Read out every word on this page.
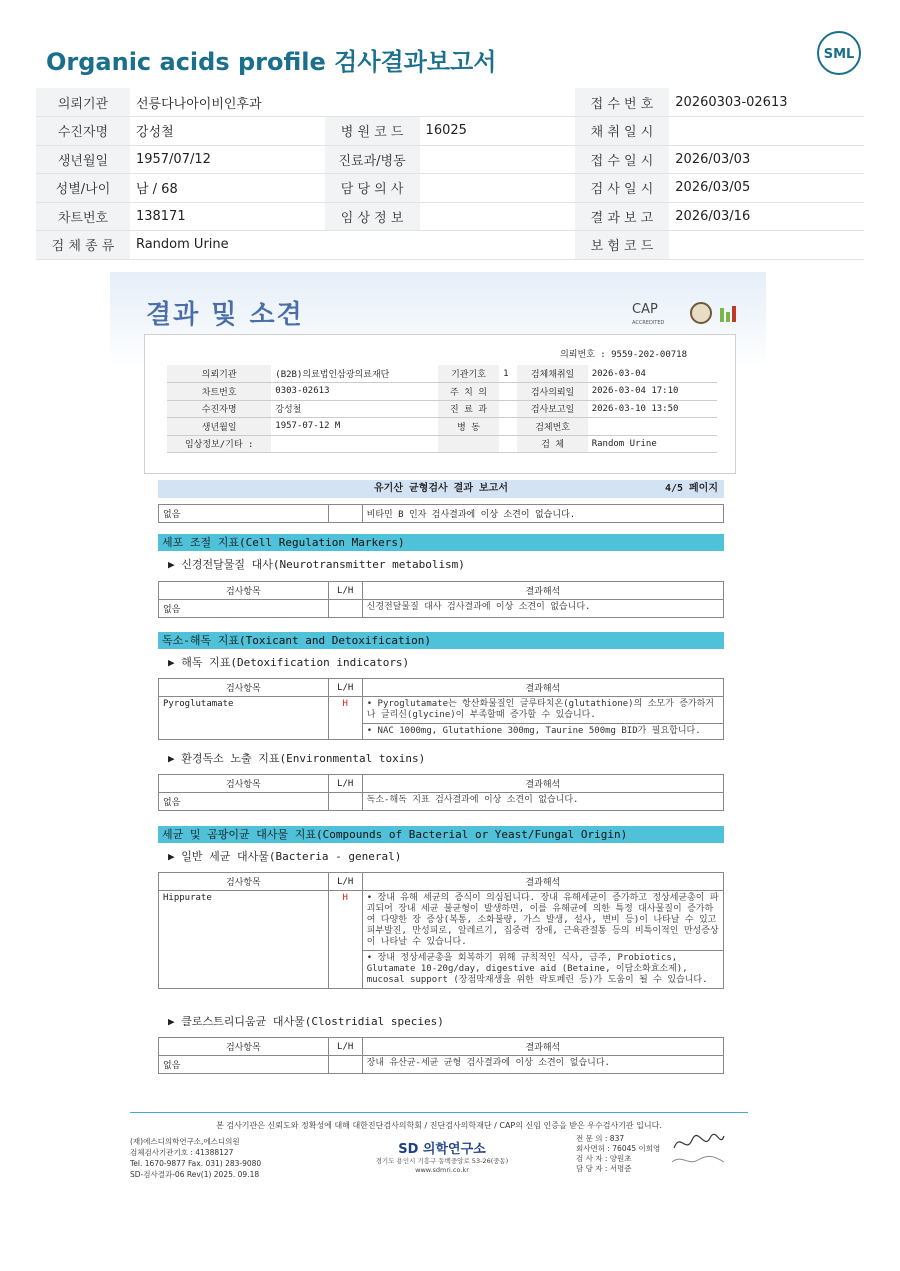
Organic acids profile 검사결과보고서	SML
의뢰기관	선릉다나아이비인후과			접 수 번 호	20260303-02613
수진자명	강성철	병 원 코 드	16025	채 취 일 시	
생년월일	1957/07/12	진료과/병동		접 수 일 시	2026/03/03
성별/나이	남 / 68	담 당 의 사		검 사 일 시	2026/03/05
차트번호	138171	임 상 정 보		결 과 보 고	2026/03/16
검 체 종 류	Random Urine			보 험 코 드	
결과 및 소견	CAP
ACCREDITED
의뢰번호 : 9559-202-00718
의뢰기관	(B2B)의료법인삼광의료재단	기관기호	1	검체채취일	2026-03-04
차트번호	0303-02613	주 치 의		검사의뢰일	2026-03-04 17:10
수진자명	강성철	진 료 과		검사보고일	2026-03-10 13:50
생년월일	1957-07-12 M	병 동		검체번호	
임상정보/기타 :				검 체	Random Urine
유기산 균형검사 결과 보고서	4/5 페이지
없음		비타민 B 인자 검사결과에 이상 소견이 없습니다.
세포 조절 지표(Cell Regulation Markers)
▶ 신경전달물질 대사(Neurotransmitter metabolism)
검사항목	L/H	결과해석
없음		신경전달물질 대사 검사결과에 이상 소견이 없습니다.
독소-해독 지표(Toxicant and Detoxification)
▶ 해독 지표(Detoxification indicators)
검사항목	L/H	결과해석
Pyroglutamate	H	• Pyroglutamate는 항산화물질인 글루타치온(glutathione)의 소모가 증가하거나 글리신(glycine)이 부족할때 증가할 수 있습니다.
		• NAC 1000mg, Glutathione 300mg, Taurine 500mg BID가 필요합니다.
▶ 환경독소 노출 지표(Environmental toxins)
검사항목	L/H	결과해석
없음		독소-해독 지표 검사결과에 이상 소견이 없습니다.
세균 및 곰팡이균 대사물 지표(Compounds of Bacterial or Yeast/Fungal Origin)
▶ 일반 세균 대사물(Bacteria - general)
검사항목	L/H	결과해석
Hippurate	H	• 장내 유해 세균의 증식이 의심됩니다. 장내 유해세균이 증가하고 정상세균총이 파괴되어 장내 세균 불균형이 발생하면, 이를 유해균에 의한 특정 대사물질이 증가하여 다양한 장 증상(복통, 소화불량, 가스 발생, 설사, 변비 등)이 나타날 수 있고 피부발진, 만성피로, 알레르기, 집중력 장애, 근육관절통 등의 비특이적인 만성증상이 나타날 수 있습니다.
		• 장내 정상세균총을 회복하기 위해 규칙적인 식사, 금주, Probiotics, Glutamate 10-20g/day, digestive aid (Betaine, 이담소화효소제), mucosal support (장점막재생을 위한 락토페린 등)가 도움이 될 수 있습니다.
▶ 클로스트리디움균 대사물(Clostridial species)
검사항목	L/H	결과해석
없음		장내 유산균-세균 균형 검사결과에 이상 소견이 없습니다.
본 검사기관은 신뢰도와 정확성에 대해 대한진단검사의학회 / 진단검사의학재단 / CAP의 신임 인증을 받은 우수검사기관 입니다.
(재)에스디의학연구소,에스디의원
검체검사기관기호 : 41388127
Tel. 1670-9877 Fax. 031) 283-9080
SD-검사결과-06 Rev(1) 2025. 09.18
SD 의학연구소
경기도 용인시 기흥구 동백중앙로 53-26(중동)
www.sdmri.co.kr
전 문 의 : 837
회사면허 : 76045 이희영
검 사 자 : 양원초
담 당 자 : 서명준
